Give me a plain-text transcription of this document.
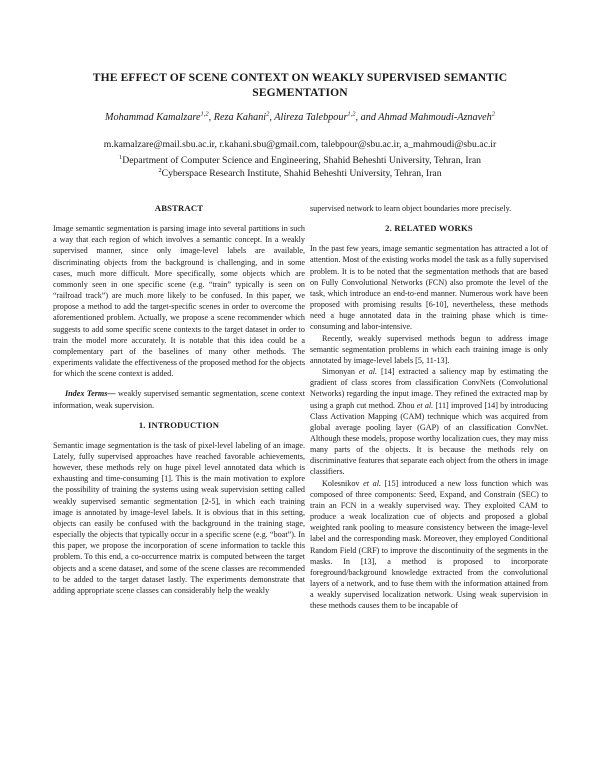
THE EFFECT OF SCENE CONTEXT ON WEAKLY SUPERVISED SEMANTIC
SEGMENTATION
Mohammad Kamalzare$^{1,2}$, Reza Kahani$^2$, Alireza Talebpour$^{1,2}$, and Ahmad Mahmoudi-Aznaveh$^2$
m.kamalzare@mail.sbu.ac.ir, r.kahani.sbu@gmail.com, talebpour@sbu.ac.ir, a_mahmoudi@sbu.ac.ir
$^1$Department of Computer Science and Engineering, Shahid Beheshti University, Tehran, Iran
$^2$Cyberspace Research Institute, Shahid Beheshti University, Tehran, Iran

ABSTRACT

Image semantic segmentation is parsing image into several partitions in such a way that each region of which involves a semantic concept. In a weakly supervised manner, since only image-level labels are available, discriminating objects from the background is challenging, and in some cases, much more difficult. More specifically, some objects which are commonly seen in one specific scene (e.g. “train” typically is seen on “railroad track”) are much more likely to be confused. In this paper, we propose a method to add the target-specific scenes in order to overcome the aforementioned problem. Actually, we propose a scene recommender which suggests to add some specific scene contexts to the target dataset in order to train the model more accurately. It is notable that this idea could be a complementary part of the baselines of many other methods. The experiments validate the effectiveness of the proposed method for the objects for which the scene context is added.

Index Terms— weakly supervised semantic segmentation, scene context information, weak supervision.

1. INTRODUCTION

Semantic image segmentation is the task of pixel-level labeling of an image. Lately, fully supervised approaches have reached favorable achievements, however, these methods rely on huge pixel level annotated data which is exhausting and time-consuming [1]. This is the main motivation to explore the possibility of training the systems using weak supervision setting called weakly supervised semantic segmentation [2-5], in which each training image is annotated by image-level labels. It is obvious that in this setting, objects can easily be confused with the background in the training stage, especially the objects that typically occur in a specific scene (e.g. “boat”). In this paper, we propose the incorporation of scene information to tackle this problem. To this end, a co-occurrence matrix is computed between the target objects and a scene dataset, and some of the scene classes are recommended to be added to the target dataset lastly. The experiments demonstrate that adding appropriate scene classes can considerably help the weakly

supervised network to learn object boundaries more precisely.

2. RELATED WORKS

In the past few years, image semantic segmentation has attracted a lot of attention. Most of the existing works model the task as a fully supervised problem. It is to be noted that the segmentation methods that are based on Fully Convolutional Networks (FCN) also promote the level of the task, which introduce an end-to-end manner. Numerous work have been proposed with promising results [6-10], nevertheless, these methods need a huge annotated data in the training phase which is time-consuming and labor-intensive.

Recently, weakly supervised methods begun to address image semantic segmentation problems in which each training image is only annotated by image-level labels [5, 11-13].

Simonyan et al. [14] extracted a saliency map by estimating the gradient of class scores from classification ConvNets (Convolutional Networks) regarding the input image. They refined the extracted map by using a graph cut method. Zhou et al. [11] improved [14] by introducing Class Activation Mapping (CAM) technique which was acquired from global average pooling layer (GAP) of an classification ConvNet. Although these models, propose worthy localization cues, they may miss many parts of the objects. It is because the methods rely on discriminative features that separate each object from the others in image classifiers.

Kolesnikov et al. [15] introduced a new loss function which was composed of three components: Seed, Expand, and Constrain (SEC) to train an FCN in a weakly supervised way. They exploited CAM to produce a weak localization cue of objects and proposed a global weighted rank pooling to measure consistency between the image-level label and the corresponding mask. Moreover, they employed Conditional Random Field (CRF) to improve the discontinuity of the segments in the masks. In [13], a method is proposed to incorporate foreground/background knowledge extracted from the convolutional layers of a network, and to fuse them with the information attained from a weakly supervised localization network. Using weak supervision in these methods causes them to be incapable of
